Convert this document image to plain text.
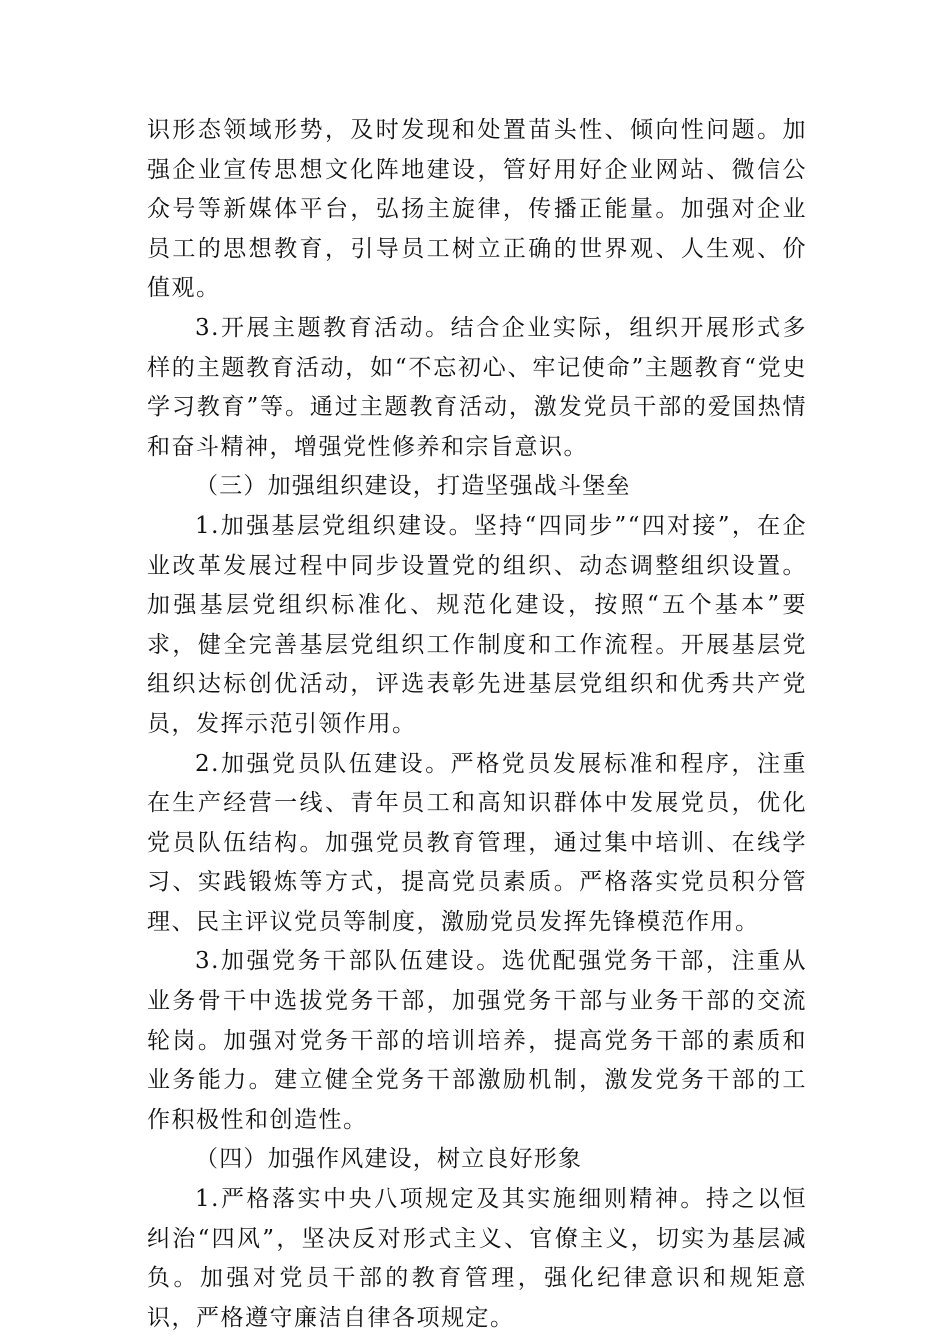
识形态领域形势，及时发现和处置苗头性、倾向性问题。加强企业宣传思想文化阵地建设，管好用好企业网站、微信公众号等新媒体平台，弘扬主旋律，传播正能量。加强对企业员工的思想教育，引导员工树立正确的世界观、人生观、价值观。

3.开展主题教育活动。结合企业实际，组织开展形式多样的主题教育活动，如“不忘初心、牢记使命”主题教育“党史学习教育”等。通过主题教育活动，激发党员干部的爱国热情和奋斗精神，增强党性修养和宗旨意识。

（三）加强组织建设，打造坚强战斗堡垒

1.加强基层党组织建设。坚持“四同步”“四对接”，在企业改革发展过程中同步设置党的组织、动态调整组织设置。加强基层党组织标准化、规范化建设，按照“五个基本”要求，健全完善基层党组织工作制度和工作流程。开展基层党组织达标创优活动，评选表彰先进基层党组织和优秀共产党员，发挥示范引领作用。

2.加强党员队伍建设。严格党员发展标准和程序，注重在生产经营一线、青年员工和高知识群体中发展党员，优化党员队伍结构。加强党员教育管理，通过集中培训、在线学习、实践锻炼等方式，提高党员素质。严格落实党员积分管理、民主评议党员等制度，激励党员发挥先锋模范作用。

3.加强党务干部队伍建设。选优配强党务干部，注重从业务骨干中选拔党务干部，加强党务干部与业务干部的交流轮岗。加强对党务干部的培训培养，提高党务干部的素质和业务能力。建立健全党务干部激励机制，激发党务干部的工作积极性和创造性。

（四）加强作风建设，树立良好形象

1.严格落实中央八项规定及其实施细则精神。持之以恒纠治“四风”，坚决反对形式主义、官僚主义，切实为基层减负。加强对党员干部的教育管理，强化纪律意识和规矩意识，严格遵守廉洁自律各项规定。
